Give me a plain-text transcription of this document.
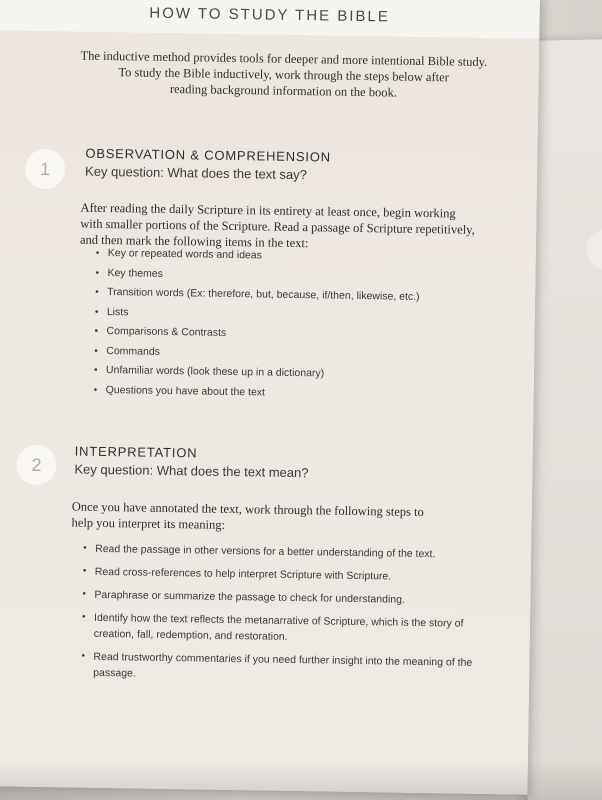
HOW TO STUDY THE BIBLE
The inductive method provides tools for deeper and more intentional Bible study.
To study the Bible inductively, work through the steps below after
reading background information on the book.
1
OBSERVATION & COMPREHENSION
Key question: What does the text say?
After reading the daily Scripture in its entirety at least once, begin working
with smaller portions of the Scripture. Read a passage of Scripture repetitively,
and then mark the following items in the text:
• Key or repeated words and ideas
• Key themes
• Transition words (Ex: therefore, but, because, if/then, likewise, etc.)
• Lists
• Comparisons & Contrasts
• Commands
• Unfamiliar words (look these up in a dictionary)
• Questions you have about the text
2
INTERPRETATION
Key question: What does the text mean?
Once you have annotated the text, work through the following steps to
help you interpret its meaning:
• Read the passage in other versions for a better understanding of the text.
• Read cross-references to help interpret Scripture with Scripture.
• Paraphrase or summarize the passage to check for understanding.
• Identify how the text reflects the metanarrative of Scripture, which is the story of creation, fall, redemption, and restoration.
• Read trustworthy commentaries if you need further insight into the meaning of the passage.
